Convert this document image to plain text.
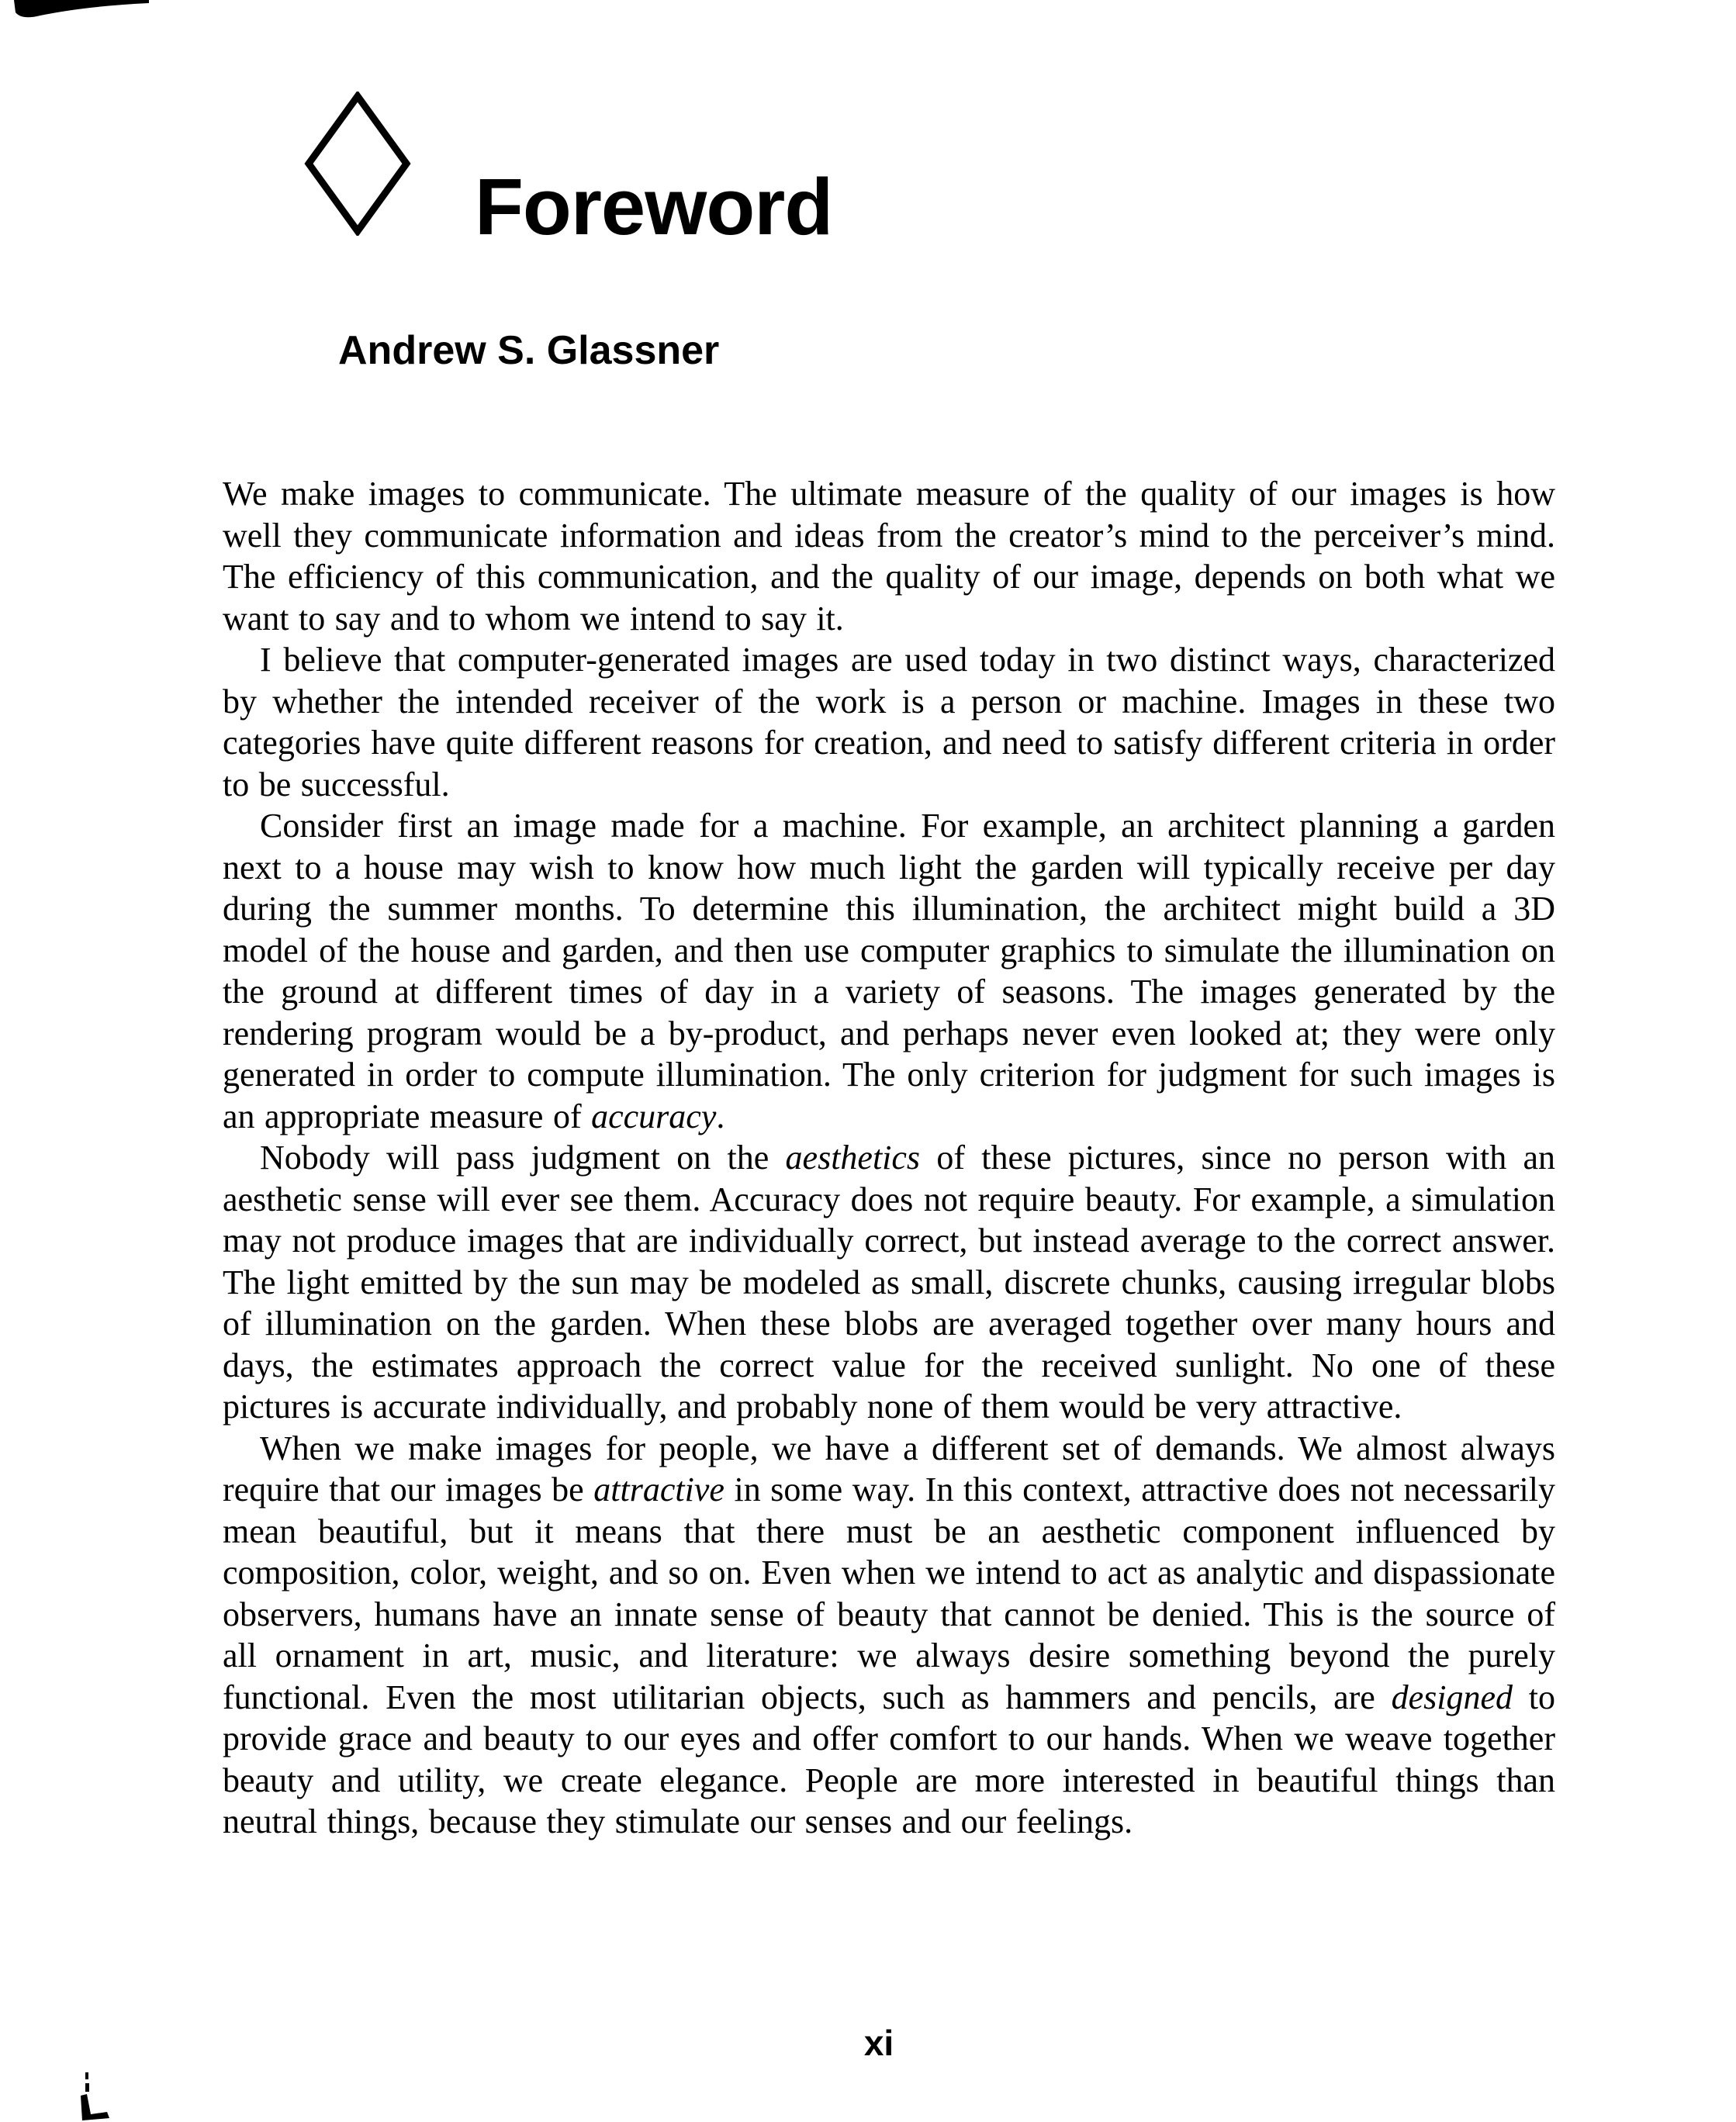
Foreword
Andrew S. Glassner

We make images to communicate. The ultimate measure of the quality of our images is how well they communicate information and ideas from the creator’s mind to the perceiver’s mind. The efficiency of this communication, and the quality of our image, depends on both what we want to say and to whom we intend to say it.

I believe that computer-generated images are used today in two distinct ways, characterized by whether the intended receiver of the work is a person or machine. Images in these two categories have quite different reasons for creation, and need to satisfy different criteria in order to be successful.

Consider first an image made for a machine. For example, an architect planning a garden next to a house may wish to know how much light the garden will typically receive per day during the summer months. To determine this illumination, the architect might build a 3D model of the house and garden, and then use computer graphics to simulate the illumination on the ground at different times of day in a variety of seasons. The images generated by the rendering program would be a by-product, and perhaps never even looked at; they were only generated in order to compute illumination. The only criterion for judgment for such images is an appropriate measure of accuracy.

Nobody will pass judgment on the aesthetics of these pictures, since no person with an aesthetic sense will ever see them. Accuracy does not require beauty. For example, a simulation may not produce images that are individually correct, but instead average to the correct answer. The light emitted by the sun may be modeled as small, discrete chunks, causing irregular blobs of illumination on the garden. When these blobs are averaged together over many hours and days, the estimates approach the correct value for the received sunlight. No one of these pictures is accurate individually, and probably none of them would be very attractive.

When we make images for people, we have a different set of demands. We almost always require that our images be attractive in some way. In this context, attractive does not necessarily mean beautiful, but it means that there must be an aesthetic component influenced by composition, color, weight, and so on. Even when we intend to act as analytic and dispassionate observers, humans have an innate sense of beauty that cannot be denied. This is the source of all ornament in art, music, and literature: we always desire something beyond the purely functional. Even the most utilitarian objects, such as hammers and pencils, are designed to provide grace and beauty to our eyes and offer comfort to our hands. When we weave together beauty and utility, we create elegance. People are more interested in beautiful things than neutral things, because they stimulate our senses and our feelings.

xi
